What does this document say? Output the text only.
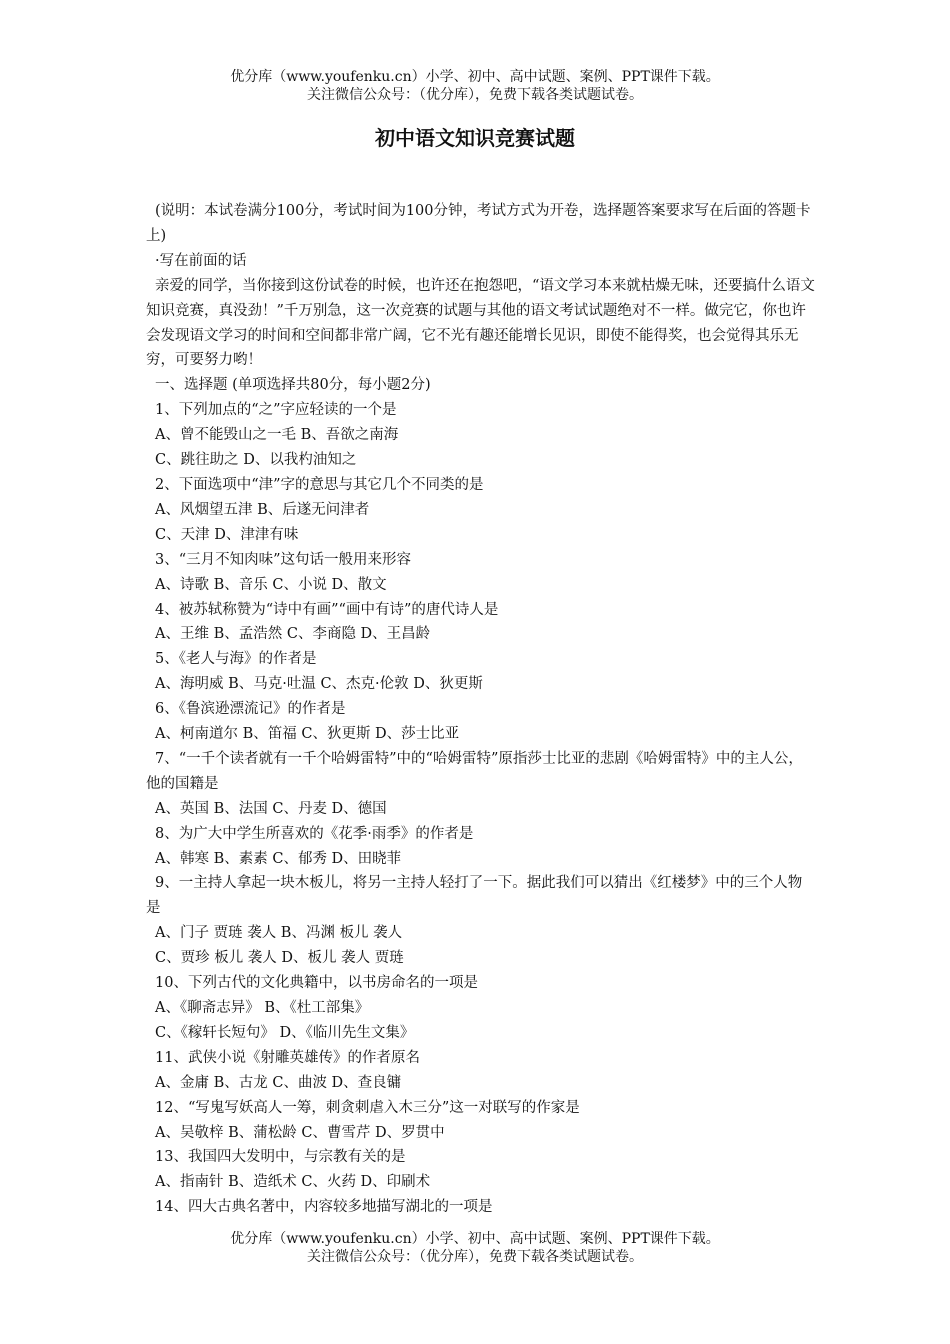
优分库（www.youfenku.cn）小学、初中、高中试题、案例、PPT课件下载。
关注微信公众号：（优分库），免费下载各类试题试卷。
初中语文知识竞赛试题

(说明：本试卷满分100分，考试时间为100分钟，考试方式为开卷，选择题答案要求写在后面的答题卡上)

·写在前面的话

亲爱的同学，当你接到这份试卷的时候，也许还在抱怨吧，“语文学习本来就枯燥无味，还要搞什么语文知识竞赛，真没劲！”千万别急，这一次竞赛的试题与其他的语文考试试题绝对不一样。做完它，你也许会发现语文学习的时间和空间都非常广阔，它不光有趣还能增长见识，即使不能得奖，也会觉得其乐无穷，可要努力哟！

一、选择题 (单项选择共80分，每小题2分)

1、下列加点的“之”字应轻读的一个是

A、曾不能毁山之一毛 B、吾欲之南海

C、跳往助之 D、以我杓油知之

2、下面选项中“津”字的意思与其它几个不同类的是

A、风烟望五津 B、后遂无问津者

C、天津 D、津津有味

3、“三月不知肉味”这句话一般用来形容

A、诗歌 B、音乐 C、小说 D、散文

4、被苏轼称赞为“诗中有画”“画中有诗”的唐代诗人是

A、王维 B、孟浩然 C、李商隐 D、王昌龄

5、《老人与海》的作者是

A、海明威 B、马克·吐温 C、杰克·伦敦 D、狄更斯

6、《鲁滨逊漂流记》的作者是

A、柯南道尔 B、笛福 C、狄更斯 D、莎士比亚

7、“一千个读者就有一千个哈姆雷特”中的“哈姆雷特”原指莎士比亚的悲剧《哈姆雷特》中的主人公，他的国籍是

A、英国 B、法国 C、丹麦 D、德国

8、为广大中学生所喜欢的《花季·雨季》的作者是

A、韩寒 B、素素 C、郁秀 D、田晓菲

9、一主持人拿起一块木板儿，将另一主持人轻打了一下。据此我们可以猜出《红楼梦》中的三个人物是

A、门子 贾琏 袭人 B、冯渊 板儿 袭人

C、贾珍 板儿 袭人 D、板儿 袭人 贾琏

10、下列古代的文化典籍中，以书房命名的一项是

A、《聊斋志异》 B、《杜工部集》

C、《稼轩长短句》 D、《临川先生文集》

11、武侠小说《射雕英雄传》的作者原名

A、金庸 B、古龙 C、曲波 D、查良镛

12、“写鬼写妖高人一筹，刺贪刺虐入木三分”这一对联写的作家是

A、吴敬梓 B、蒲松龄 C、曹雪芹 D、罗贯中

13、我国四大发明中，与宗教有关的是

A、指南针 B、造纸术 C、火药 D、印刷术

14、四大古典名著中，内容较多地描写湖北的一项是

优分库（www.youfenku.cn）小学、初中、高中试题、案例、PPT课件下载。
关注微信公众号：（优分库），免费下载各类试题试卷。
